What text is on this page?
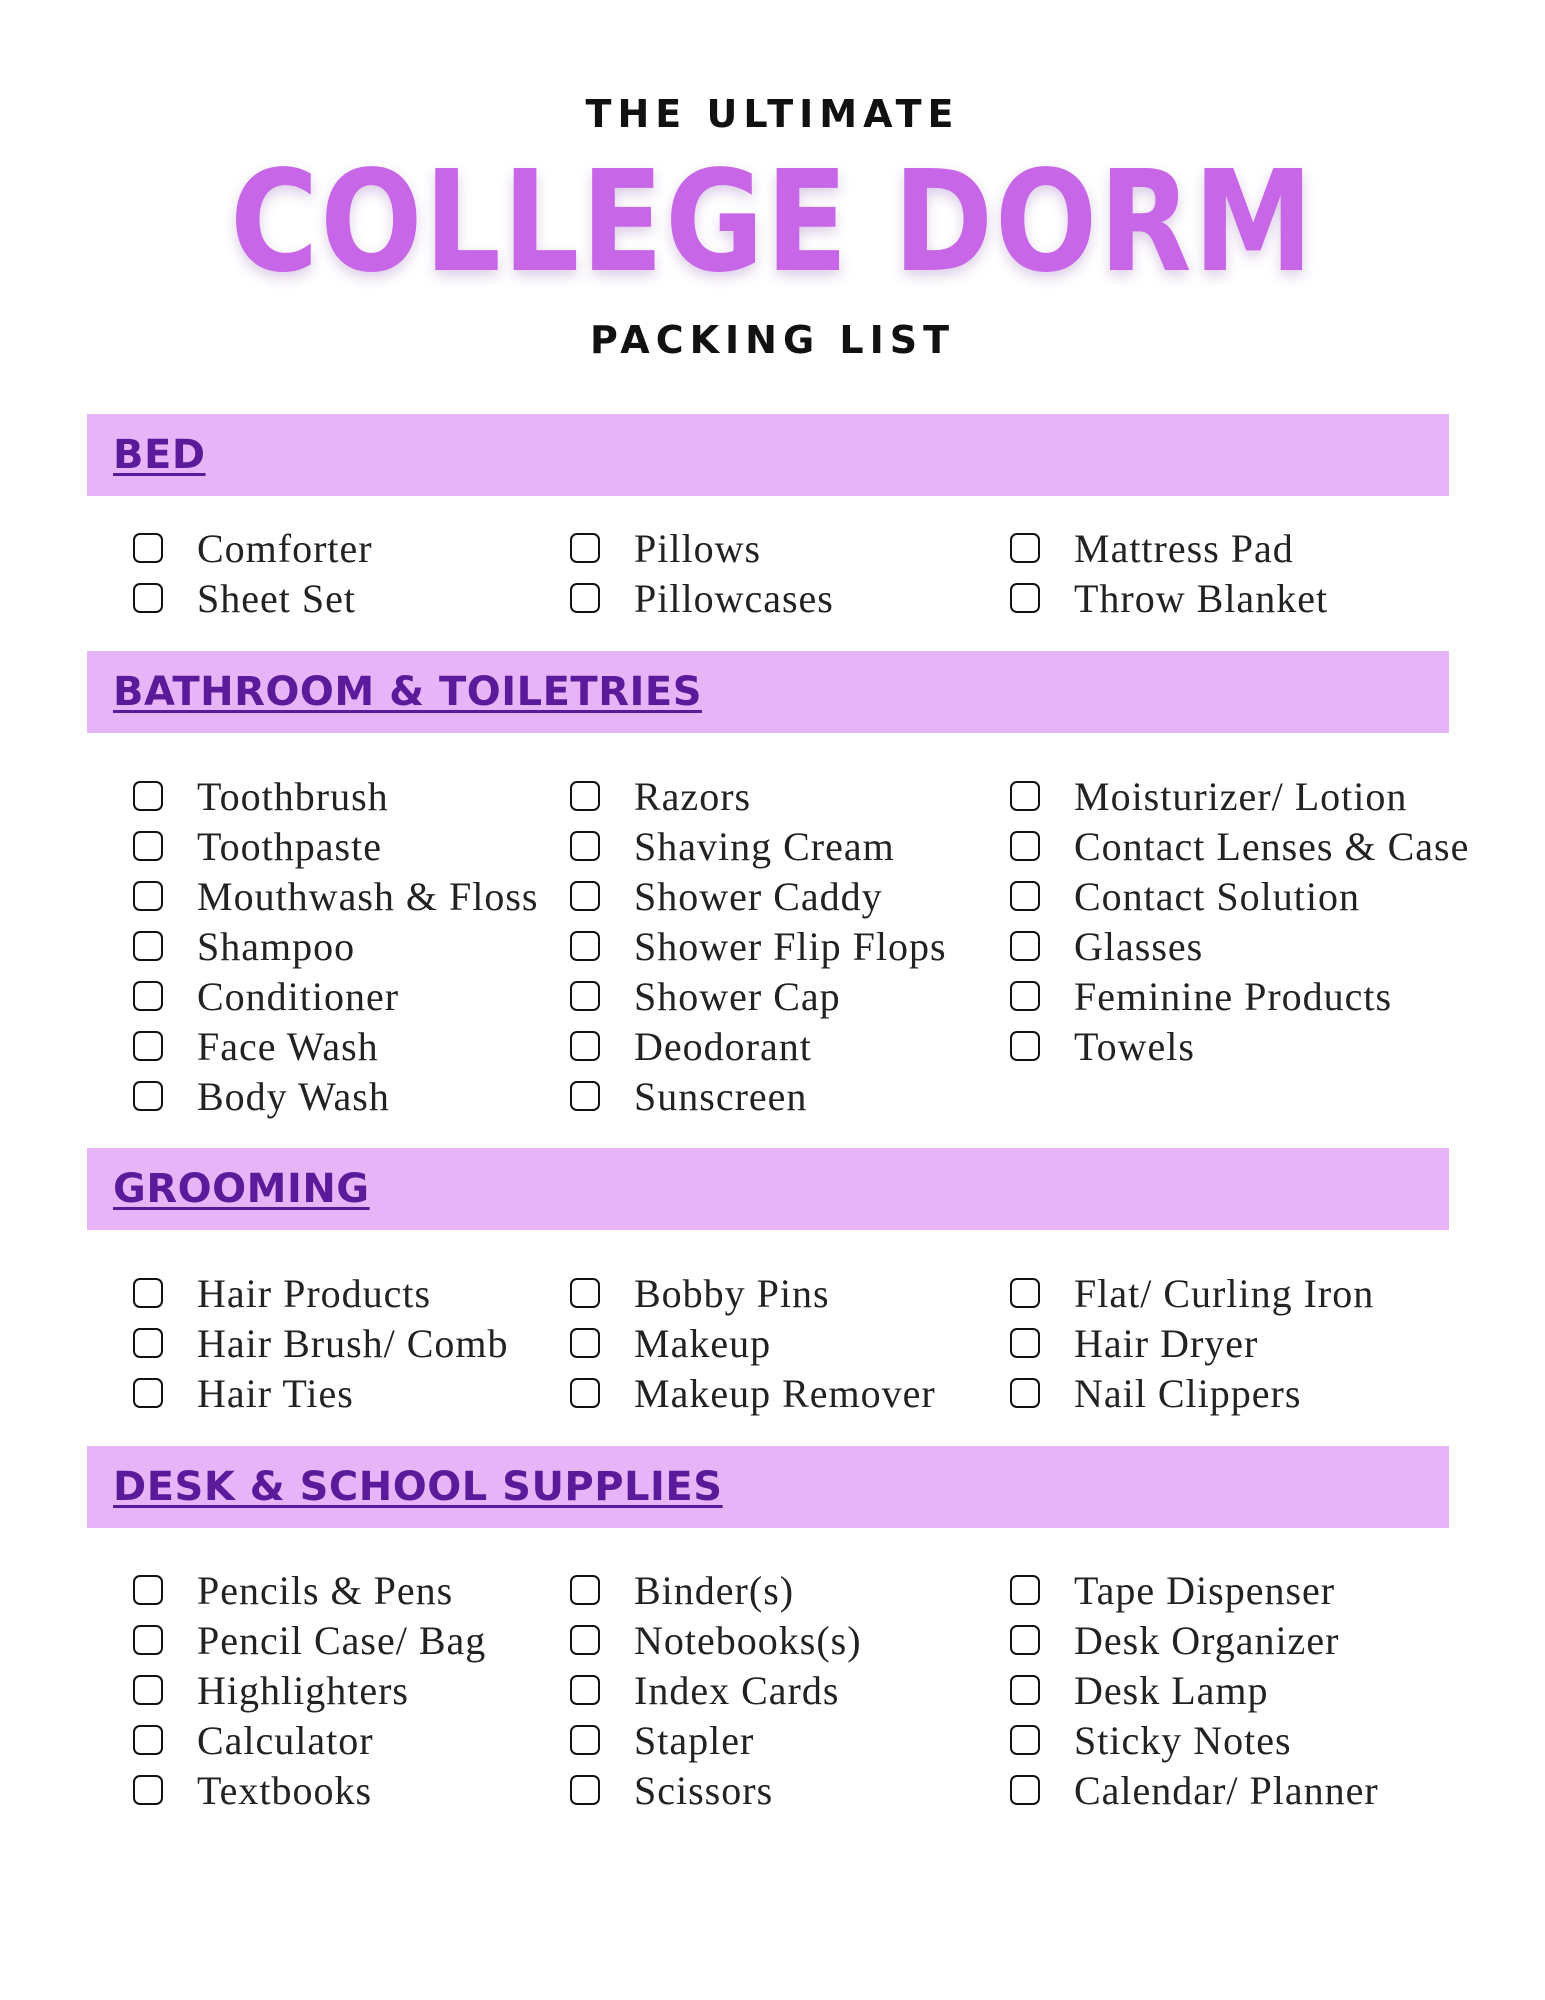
THE ULTIMATE
COLLEGE DORM
PACKING LIST
BED
Comforter
Sheet Set
Pillows
Pillowcases
Mattress Pad
Throw Blanket
BATHROOM & TOILETRIES
Toothbrush
Toothpaste
Mouthwash & Floss
Shampoo
Conditioner
Face Wash
Body Wash
Razors
Shaving Cream
Shower Caddy
Shower Flip Flops
Shower Cap
Deodorant
Sunscreen
Moisturizer/ Lotion
Contact Lenses & Case
Contact Solution
Glasses
Feminine Products
Towels
GROOMING
Hair Products
Hair Brush/ Comb
Hair Ties
Bobby Pins
Makeup
Makeup Remover
Flat/ Curling Iron
Hair Dryer
Nail Clippers
DESK & SCHOOL SUPPLIES
Pencils & Pens
Pencil Case/ Bag
Highlighters
Calculator
Textbooks
Binder(s)
Notebooks(s)
Index Cards
Stapler
Scissors
Tape Dispenser
Desk Organizer
Desk Lamp
Sticky Notes
Calendar/ Planner
